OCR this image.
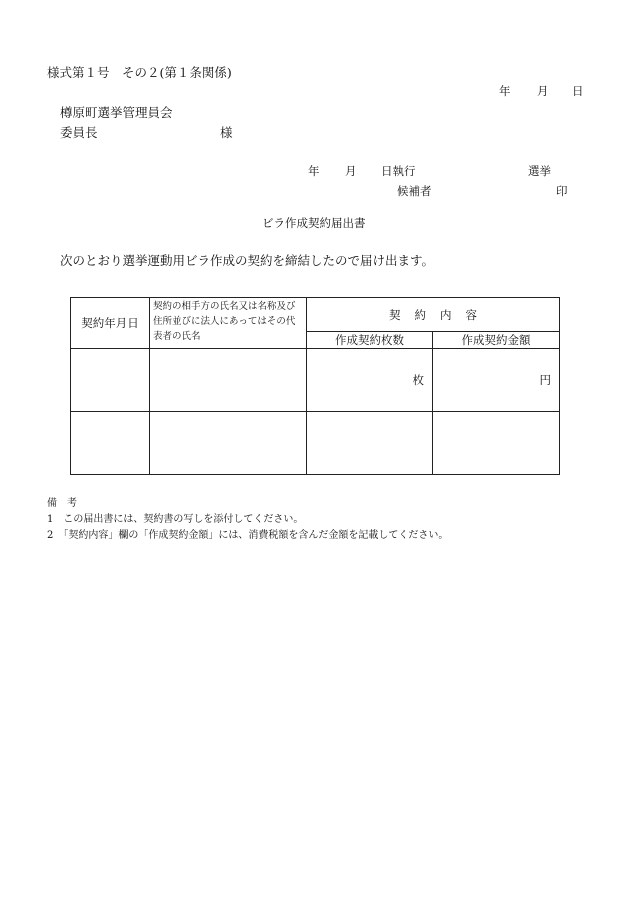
様式第１号　その２(第１条関係)
年 月 日
樽原町選挙管理員会
委員長	様
年 月 日執行	選挙
候補者	印
ビラ作成契約届出書
次のとおり選挙運動用ビラ作成の契約を締結したので届け出ます。
契約年月日	契約の相手方の氏名又は名称及び住所並びに法人にあってはその代表者の氏名	契約内容	
		作成契約枚数	作成契約金額
		枚	円

備　考
1　この届出書には、契約書の写しを添付してください。
2　「契約内容」欄の「作成契約金額」には、消費税額を含んだ金額を記載してください。
